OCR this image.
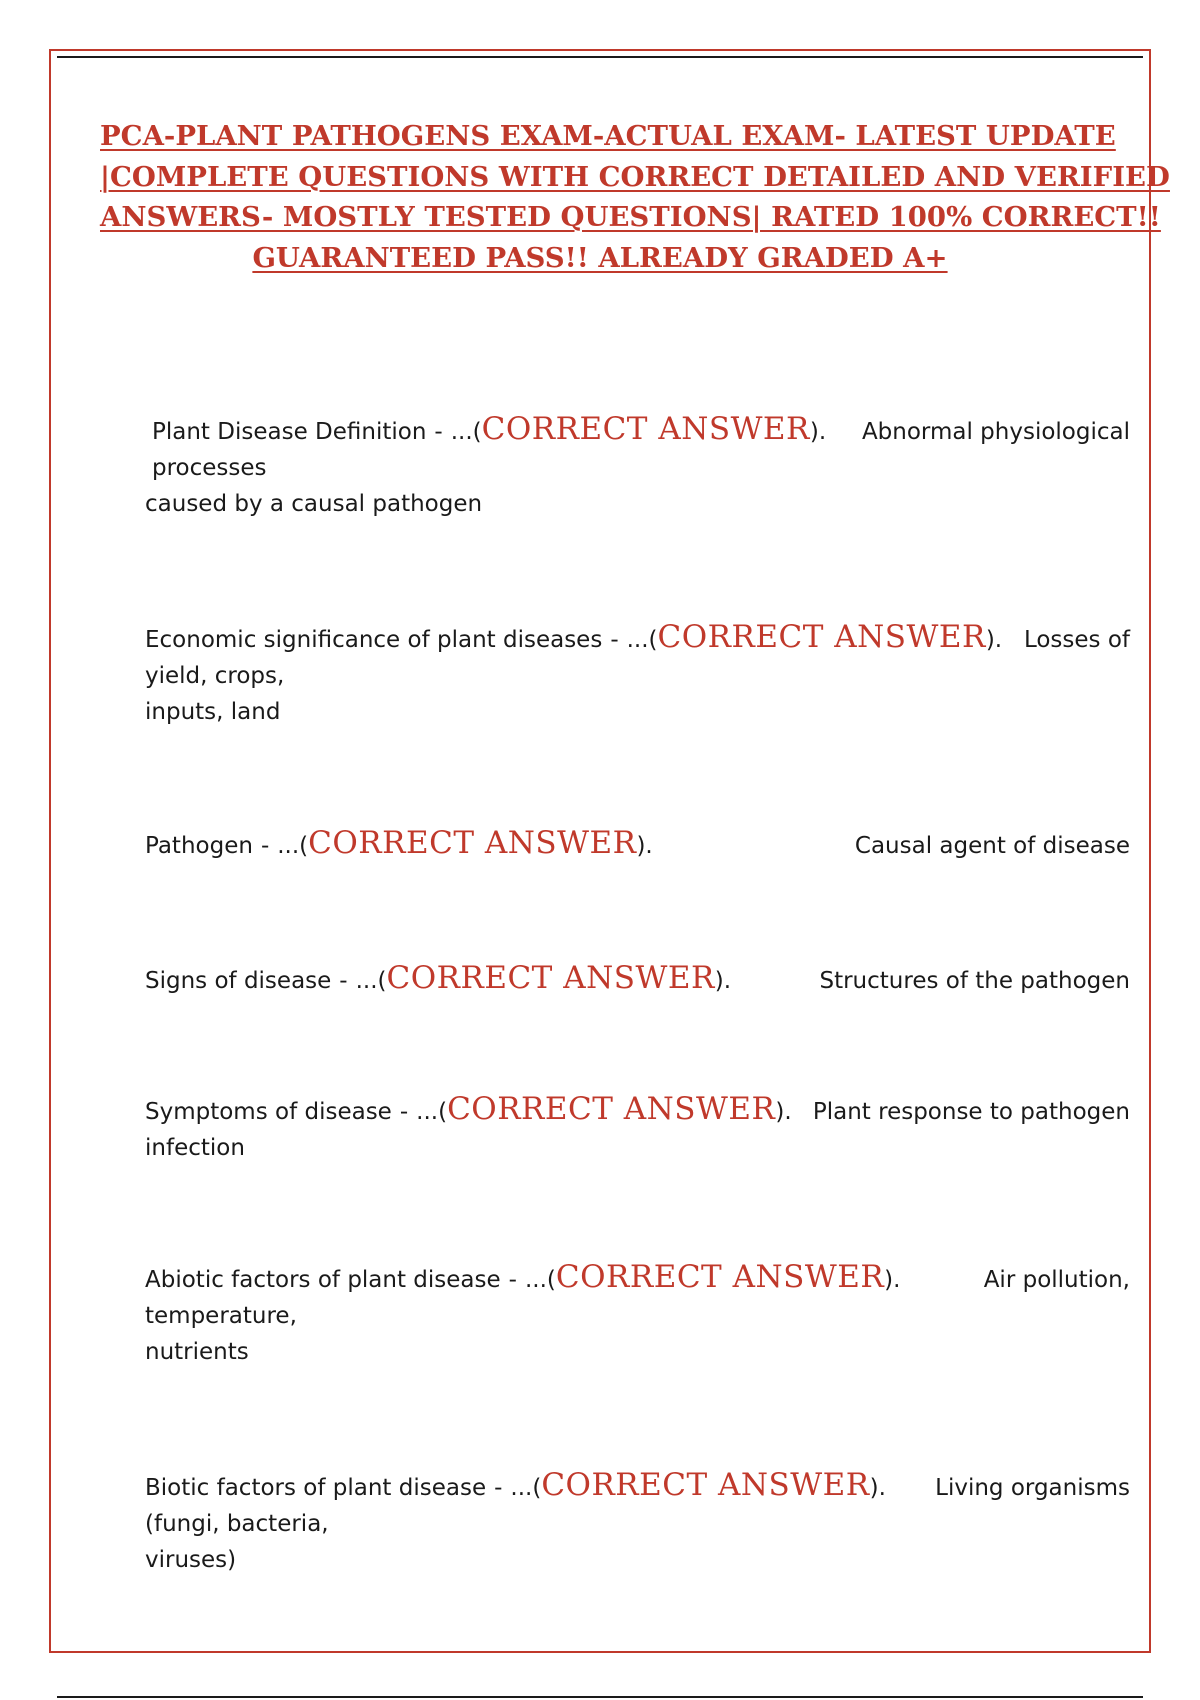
PCA-PLANT PATHOGENS EXAM-ACTUAL EXAM- LATEST UPDATE
|COMPLETE QUESTIONS WITH CORRECT DETAILED AND VERIFIED
ANSWERS- MOSTLY TESTED QUESTIONS| RATED 100% CORRECT!!
GUARANTEED PASS!! ALREADY GRADED A+
Plant Disease Definition - ...( CORRECT ANSWER ). Abnormal physiological
processes
caused by a causal pathogen
Economic significance of plant diseases - ...( CORRECT ANSWER ). Losses of
yield, crops,
inputs, land
Pathogen - ...( CORRECT ANSWER ).	Causal agent of disease
Signs of disease - ...( CORRECT ANSWER ).	Structures of the pathogen
Symptoms of disease - ...( CORRECT ANSWER ). Plant response to pathogen
infection
Abiotic factors of plant disease - ...( CORRECT ANSWER ).	Air pollution,
temperature,
nutrients
Biotic factors of plant disease - ...( CORRECT ANSWER ). Living organisms
(fungi, bacteria,
viruses)
